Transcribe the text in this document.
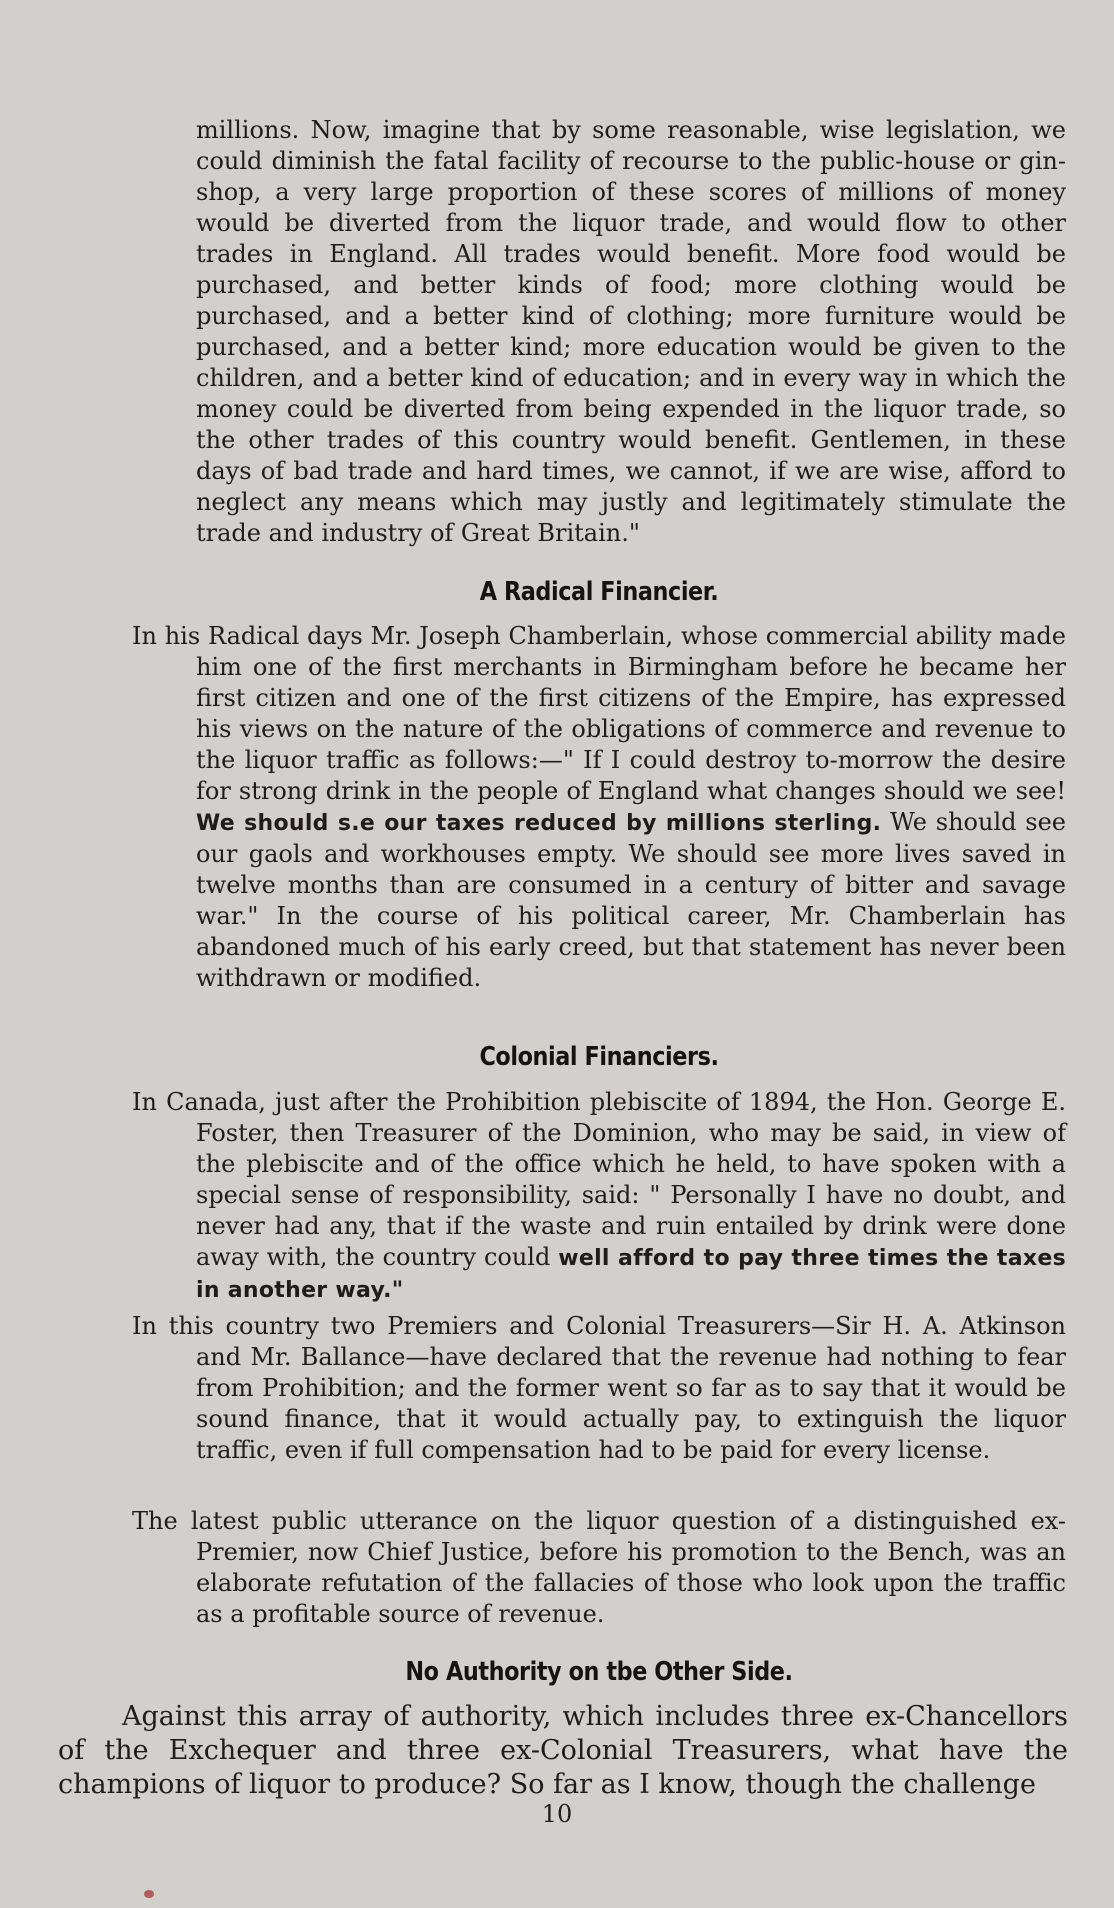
millions. Now, imagine that by some reasonable, wise legislation, we could diminish the fatal facility of recourse to the public-house or gin-shop, a very large proportion of these scores of millions of money would be diverted from the liquor trade, and would flow to other trades in England. All trades would benefit. More food would be purchased, and better kinds of food; more clothing would be purchased, and a better kind of clothing; more furniture would be purchased, and a better kind; more education would be given to the children, and a better kind of education; and in every way in which the money could be diverted from being expended in the liquor trade, so the other trades of this country would benefit. Gentlemen, in these days of bad trade and hard times, we cannot, if we are wise, afford to neglect any means which may justly and legitimately stimulate the trade and industry of Great Britain."

A Radical Financier.

In his Radical days Mr. Joseph Chamberlain, whose commercial ability made him one of the first merchants in Birmingham before he became her first citizen and one of the first citizens of the Empire, has expressed his views on the nature of the obligations of commerce and revenue to the liquor traffic as follows:—" If I could destroy to-morrow the desire for strong drink in the people of England what changes should we see! We should s.e our taxes reduced by millions sterling. We should see our gaols and workhouses empty. We should see more lives saved in twelve months than are consumed in a century of bitter and savage war." In the course of his political career, Mr. Chamberlain has abandoned much of his early creed, but that statement has never been withdrawn or modified.

Colonial Financiers.

In Canada, just after the Prohibition plebiscite of 1894, the Hon. George E. Foster, then Treasurer of the Dominion, who may be said, in view of the plebiscite and of the office which he held, to have spoken with a special sense of responsibility, said: " Personally I have no doubt, and never had any, that if the waste and ruin entailed by drink were done away with, the country could well afford to pay three times the taxes in another way."

In this country two Premiers and Colonial Treasurers—Sir H. A. Atkinson and Mr. Ballance—have declared that the revenue had nothing to fear from Prohibition; and the former went so far as to say that it would be sound finance, that it would actually pay, to extinguish the liquor traffic, even if full compensation had to be paid for every license.

The latest public utterance on the liquor question of a distinguished ex-Premier, now Chief Justice, before his promotion to the Bench, was an elaborate refutation of the fallacies of those who look upon the traffic as a profitable source of revenue.

No Authority on tbe Other Side.

Against this array of authority, which includes three ex-Chancellors of the Exchequer and three ex-Colonial Treasurers, what have the champions of liquor to produce? So far as I know, though the challenge

10
